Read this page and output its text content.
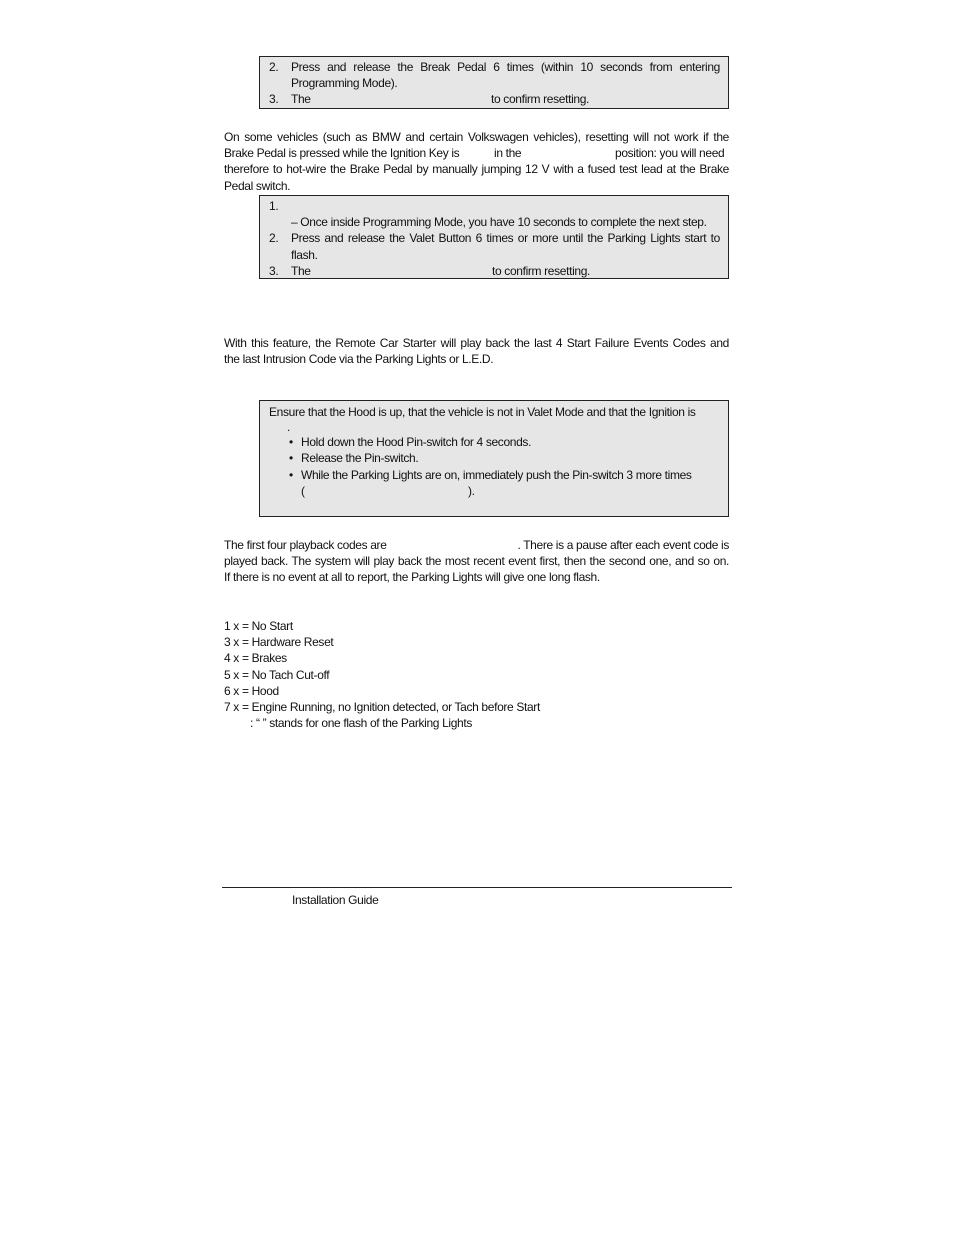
2. Press and release the Break Pedal 6 times (within 10 seconds from entering
Programming Mode).
3. The	to confirm resetting.
On some vehicles (such as BMW and certain Volkswagen vehicles), resetting will not work if the
Brake Pedal is pressed while the Ignition Key is	in the	position: you will need
therefore to hot-wire the Brake Pedal by manually jumping 12 V with a fused test lead at the Brake
Pedal switch.
1.
– Once inside Programming Mode, you have 10 seconds to complete the next step.
2. Press and release the Valet Button 6 times or more until the Parking Lights start to
flash.
3. The	to confirm resetting.
With this feature, the Remote Car Starter will play back the last 4 Start Failure Events Codes and
the last Intrusion Code via the Parking Lights or L.E.D.
Ensure that the Hood is up, that the vehicle is not in Valet Mode and that the Ignition is
.
• Hold down the Hood Pin-switch for 4 seconds.
• Release the Pin-switch.
• While the Parking Lights are on, immediately push the Pin-switch 3 more times
(	).
The first four playback codes are	. There is a pause after each event code is
played back. The system will play back the most recent event first, then the second one, and so on.
If there is no event at all to report, the Parking Lights will give one long flash.
1 x = No Start
3 x = Hardware Reset
4 x = Brakes
5 x = No Tach Cut-off
6 x = Hood
7 x = Engine Running, no Ignition detected, or Tach before Start
: “ ” stands for one flash of the Parking Lights
Installation Guide
